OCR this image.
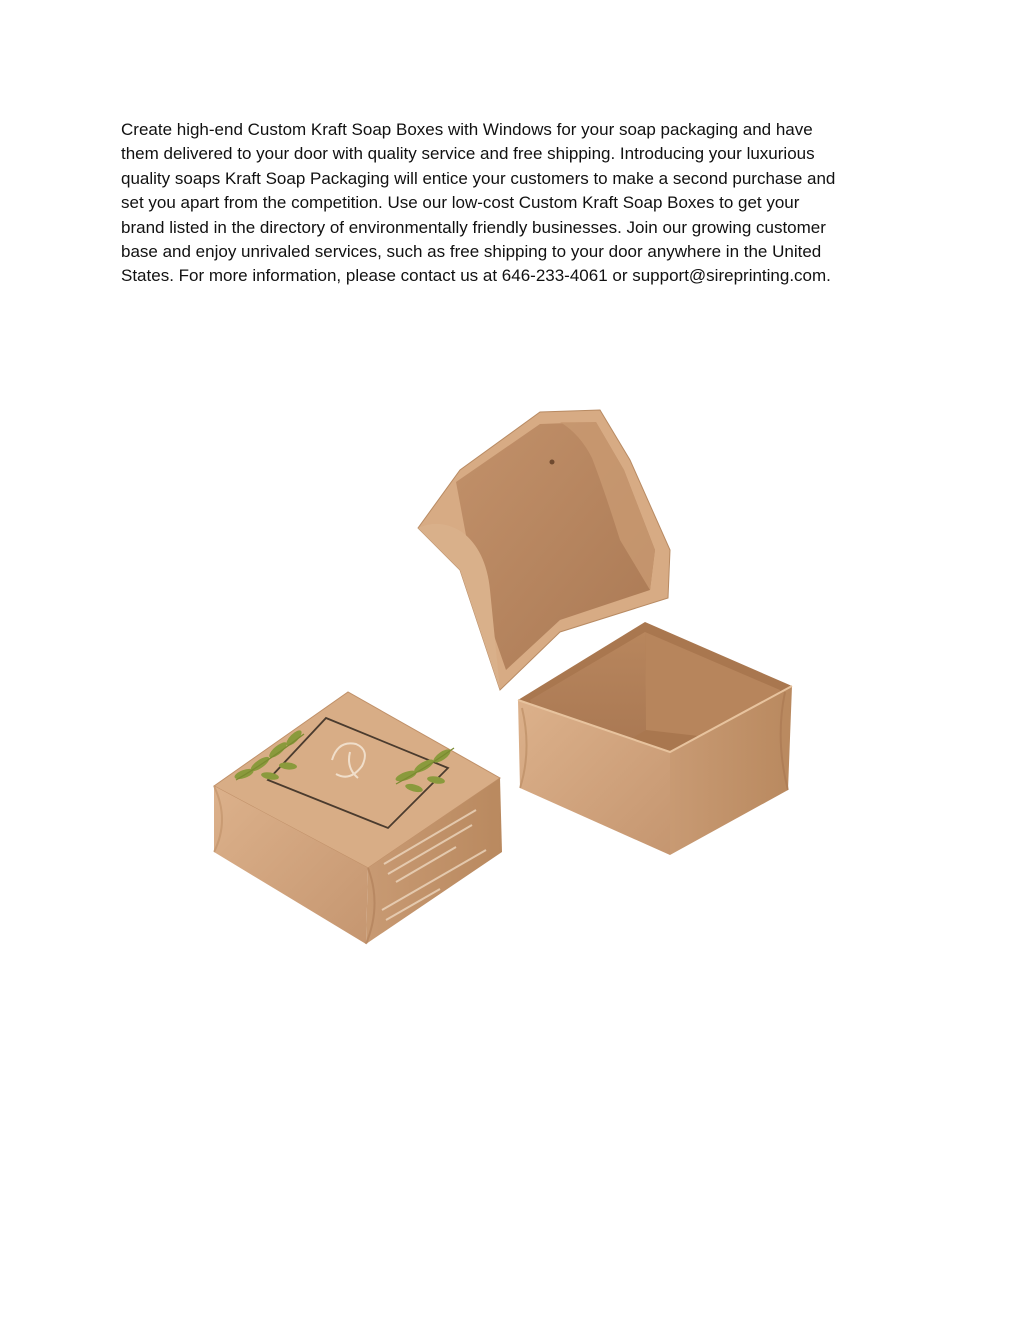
Create high-end Custom Kraft Soap Boxes with Windows for your soap packaging and have
them delivered to your door with quality service and free shipping. Introducing your luxurious
quality soaps Kraft Soap Packaging will entice your customers to make a second purchase and
set you apart from the competition. Use our low-cost Custom Kraft Soap Boxes to get your
brand listed in the directory of environmentally friendly businesses. Join our growing customer
base and enjoy unrivaled services, such as free shipping to your door anywhere in the United
States. For more information, please contact us at 646-233-4061 or support@sireprinting.com.
